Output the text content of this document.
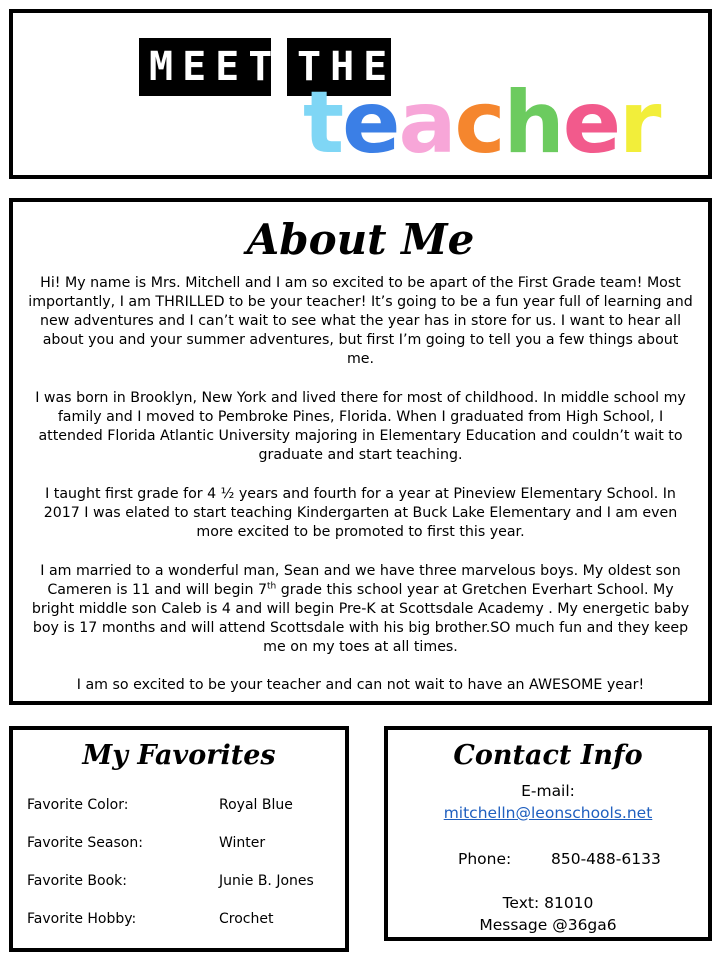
MEET THE
teacher
About Me

Hi! My name is Mrs. Mitchell and I am so excited to be apart of the First Grade team! Most importantly, I am THRILLED to be your teacher! It’s going to be a fun year full of learning and new adventures and I can’t wait to see what the year has in store for us. I want to hear all about you and your summer adventures, but first I’m going to tell you a few things about me.

I was born in Brooklyn, New York and lived there for most of childhood. In middle school my family and I moved to Pembroke Pines, Florida. When I graduated from High School, I attended Florida Atlantic University majoring in Elementary Education and couldn’t wait to graduate and start teaching.

I taught first grade for 4 ½ years and fourth for a year at Pineview Elementary School. In 2017 I was elated to start teaching Kindergarten at Buck Lake Elementary and I am even more excited to be promoted to first this year.

I am married to a wonderful man, Sean and we have three marvelous boys. My oldest son Cameren is 11 and will begin 7th grade this school year at Gretchen Everhart School. My bright middle son Caleb is 4 and will begin Pre-K at Scottsdale Academy . My energetic baby boy is 17 months and will attend Scottsdale with his big brother.SO much fun and they keep me on my toes at all times.

I am so excited to be your teacher and can not wait to have an AWESOME year!

My Favorites
Favorite Color:	Royal Blue
Favorite Season:	Winter
Favorite Book:	Junie B. Jones
Favorite Hobby:	Crochet
Contact Info
E-mail:
mitchelln@leonschools.net
Phone:	850-488-6133
Text: 81010
Message @36ga6
